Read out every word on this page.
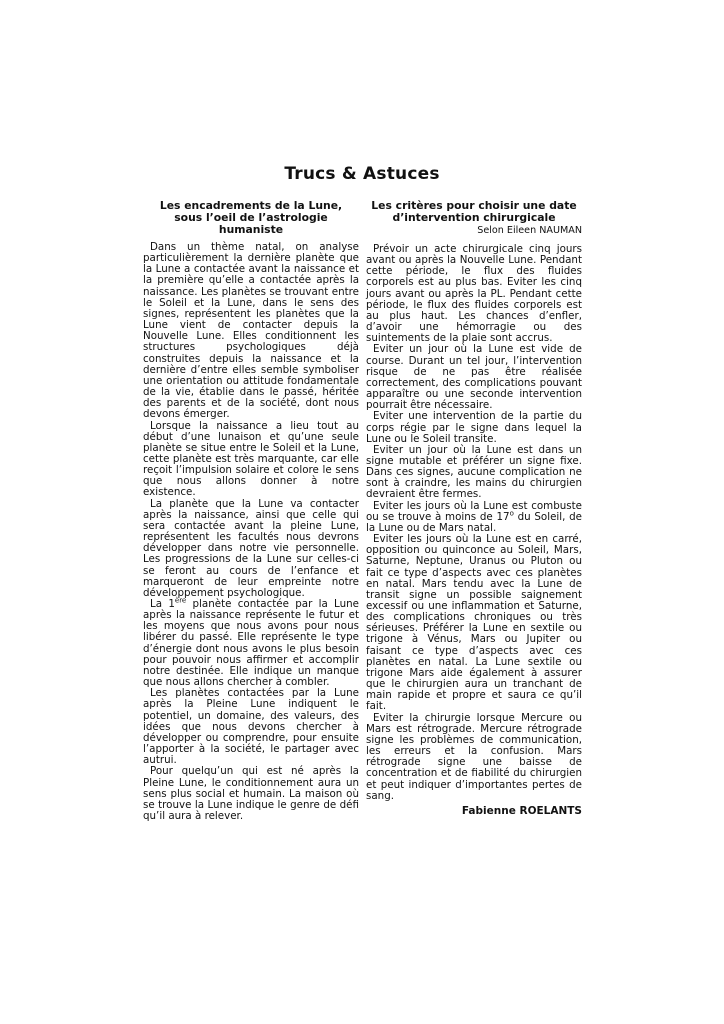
Trucs & Astuces
Les encadrements de la Lune,
sous l’oeil de l’astrologie humaniste

Dans un thème natal, on analyse particulièrement la dernière planète que la Lune a contactée avant la naissance et la première qu’elle a contactée après la naissance. Les planètes se trouvant entre le Soleil et la Lune, dans le sens des signes, représentent les planètes que la Lune vient de contacter depuis la Nouvelle Lune. Elles conditionnent les structures psychologiques déjà construites depuis la naissance et la dernière d’entre elles semble symboliser une orientation ou attitude fondamentale de la vie, établie dans le passé, héritée des parents et de la société, dont nous devons émerger.

Lorsque la naissance a lieu tout au début d’une lunaison et qu’une seule planète se situe entre le Soleil et la Lune, cette planète est très marquante, car elle reçoit l’impulsion solaire et colore le sens que nous allons donner à notre existence.

La planète que la Lune va contacter après la naissance, ainsi que celle qui sera contactée avant la pleine Lune, représentent les facultés nous devrons développer dans notre vie personnelle. Les progressions de la Lune sur celles-ci se feront au cours de l’enfance et marqueront de leur empreinte notre développement psychologique.

La 1ère planète contactée par la Lune après la naissance représente le futur et les moyens que nous avons pour nous libérer du passé. Elle représente le type d’énergie dont nous avons le plus besoin pour pouvoir nous affirmer et accomplir notre destinée. Elle indique un manque que nous allons chercher à combler.

Les planètes contactées par la Lune après la Pleine Lune indiquent le potentiel, un domaine, des valeurs, des idées que nous devons chercher à développer ou comprendre, pour ensuite l’apporter à la société, le partager avec autrui.

Pour quelqu’un qui est né après la Pleine Lune, le conditionnement aura un sens plus social et humain. La maison où se trouve la Lune indique le genre de défi qu’il aura à relever.

Les critères pour choisir une date
d’intervention chirurgicale
Selon Eileen NAUMAN

Prévoir un acte chirurgicale cinq jours avant ou après la Nouvelle Lune. Pendant cette période, le flux des fluides corporels est au plus bas. Eviter les cinq jours avant ou après la PL. Pendant cette période, le flux des fluides corporels est au plus haut. Les chances d’enfler, d’avoir une hémorragie ou des suintements de la plaie sont accrus.

Eviter un jour où la Lune est vide de course. Durant un tel jour, l’intervention risque de ne pas être réalisée correctement, des complications pouvant apparaître ou une seconde intervention pourrait être nécessaire.

Eviter une intervention de la partie du corps régie par le signe dans lequel la Lune ou le Soleil transite.

Eviter un jour où la Lune est dans un signe mutable et préférer un signe fixe. Dans ces signes, aucune complication ne sont à craindre, les mains du chirurgien devraient être fermes.

Eviter les jours où la Lune est combuste ou se trouve à moins de 17$^o$ du Soleil, de la Lune ou de Mars natal.

Eviter les jours où la Lune est en carré, opposition ou quinconce au Soleil, Mars, Saturne, Neptune, Uranus ou Pluton ou fait ce type d’aspects avec ces planètes en natal. Mars tendu avec la Lune de transit signe un possible saignement excessif ou une inflammation et Saturne, des complications chroniques ou très sérieuses. Préférer la Lune en sextile ou trigone à Vénus, Mars ou Jupiter ou faisant ce type d’aspects avec ces planètes en natal. La Lune sextile ou trigone Mars aide également à assurer que le chirurgien aura un tranchant de main rapide et propre et saura ce qu’il fait.

Eviter la chirurgie lorsque Mercure ou Mars est rétrograde. Mercure rétrograde signe les problèmes de communication, les erreurs et la confusion. Mars rétrograde signe une baisse de concentration et de fiabilité du chirurgien et peut indiquer d’importantes pertes de sang.

Fabienne ROELANTS
